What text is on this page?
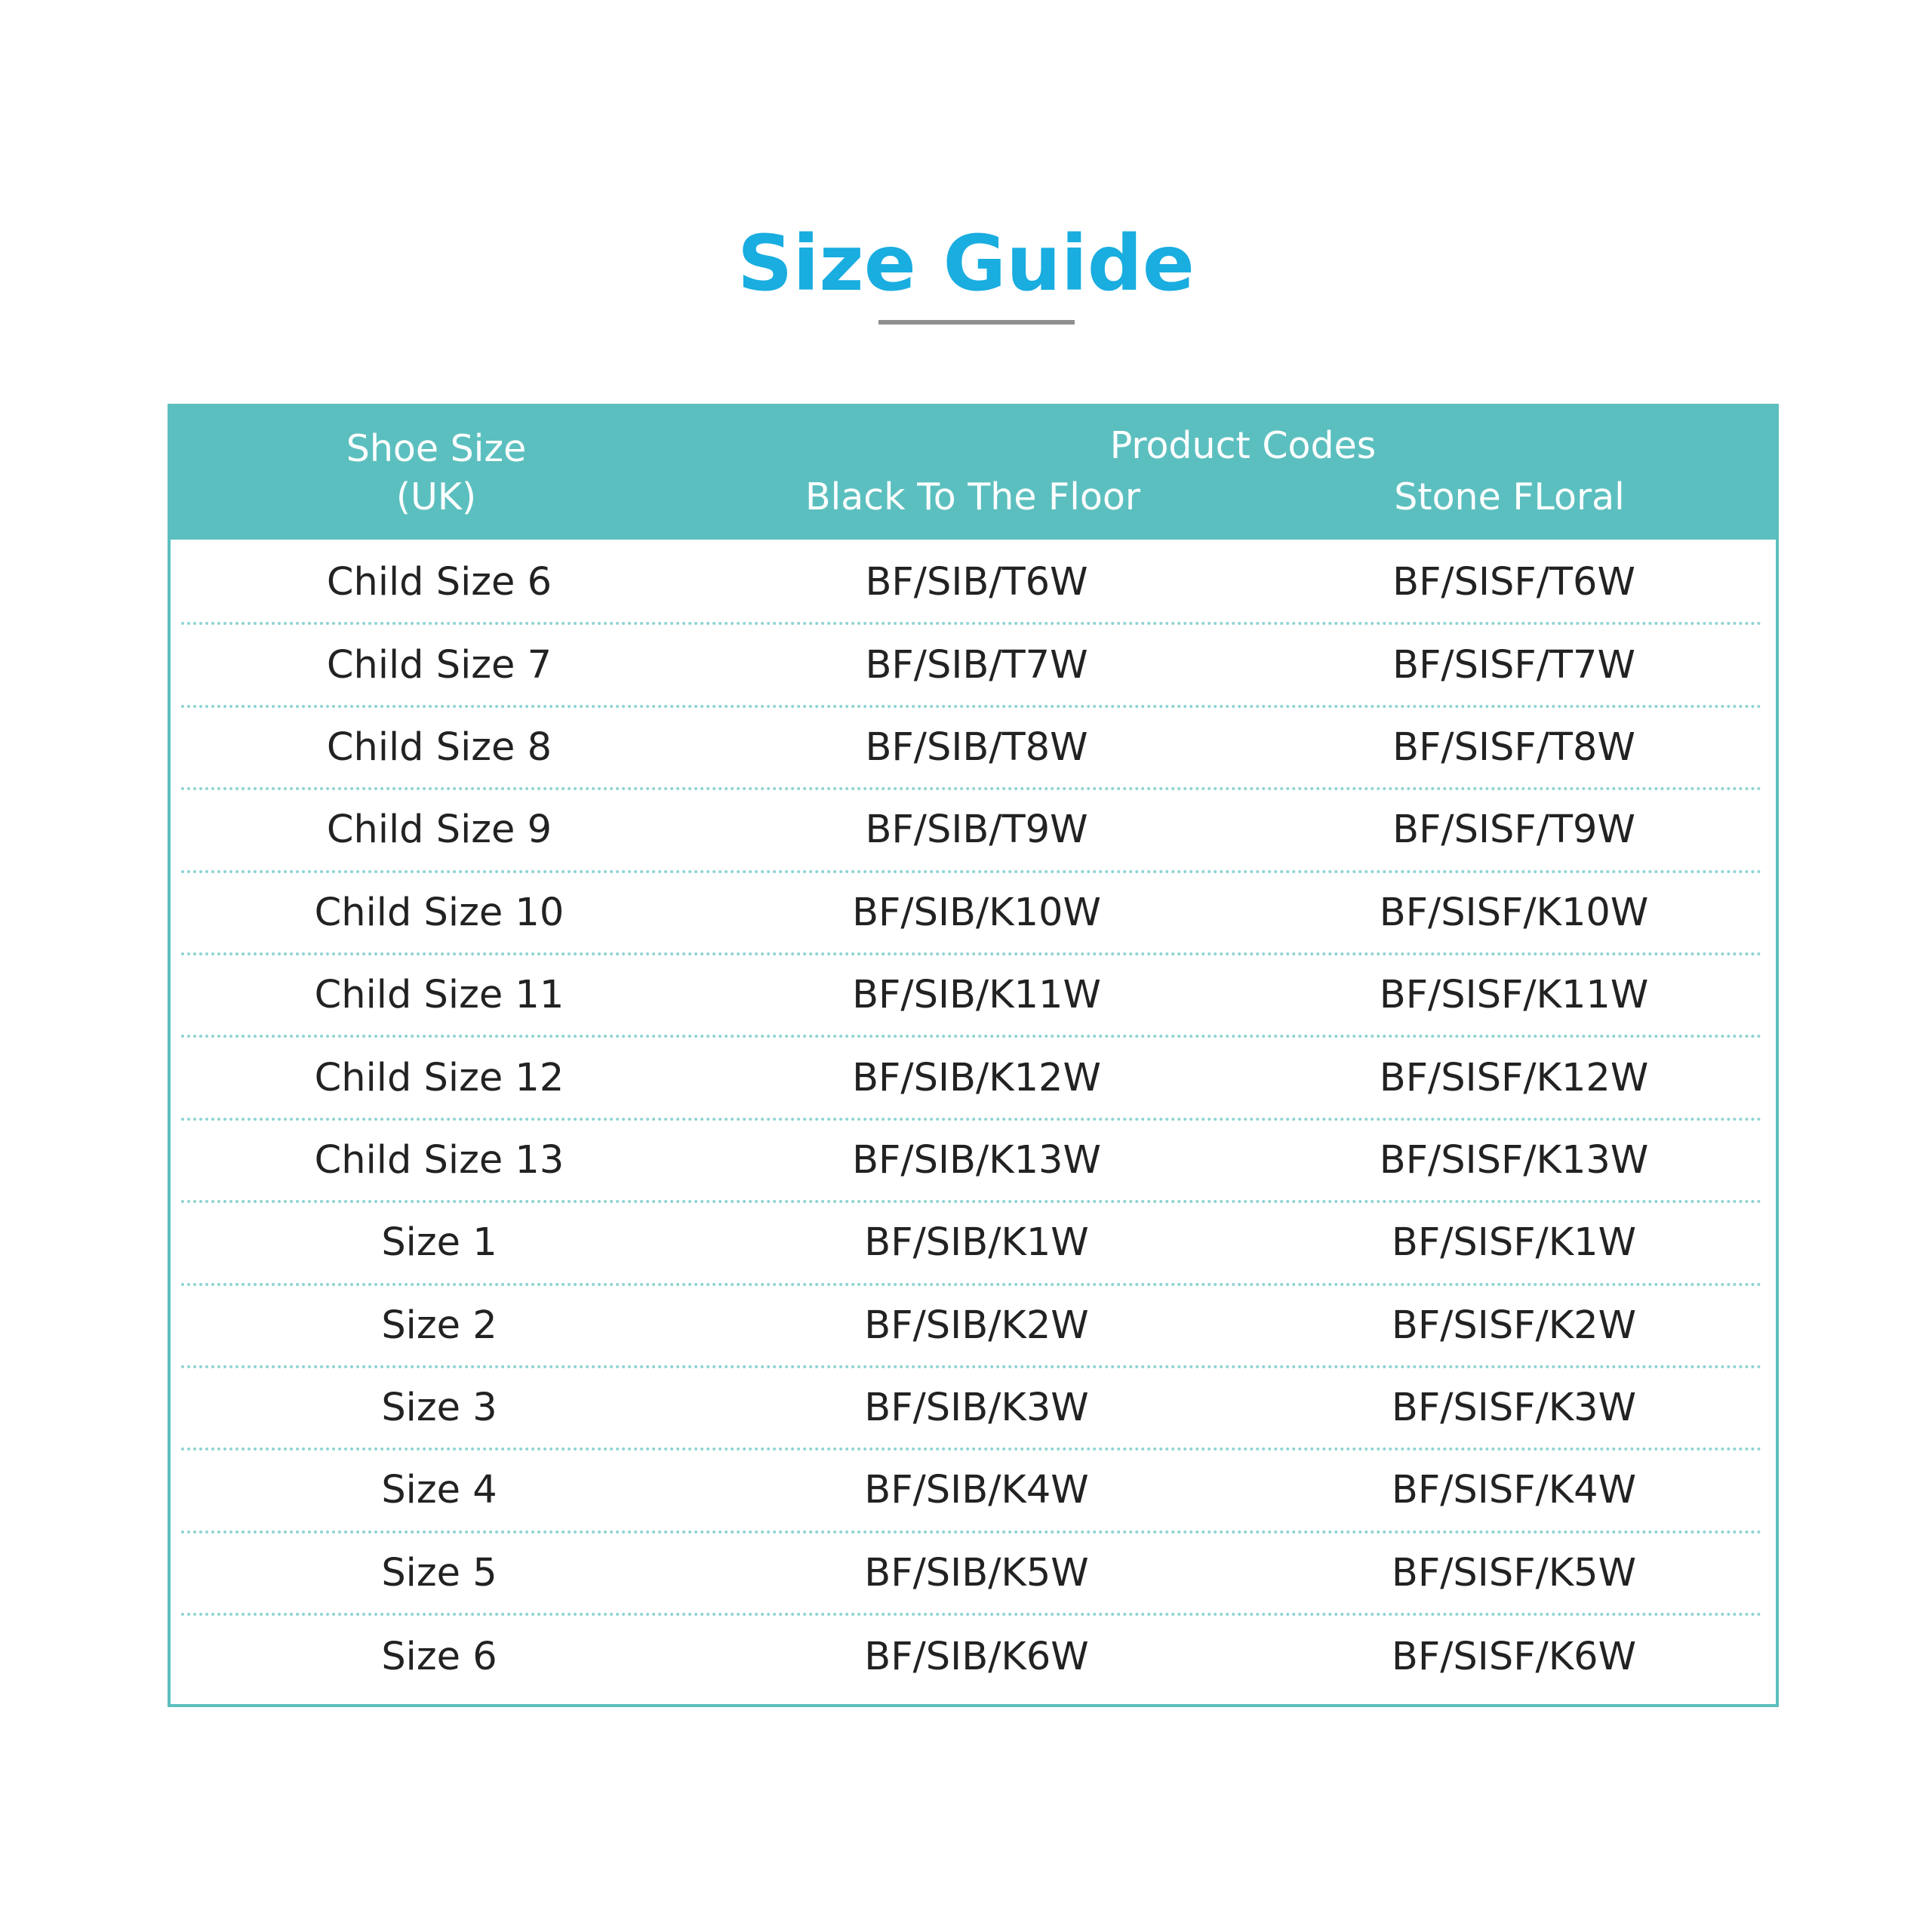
Size Guide
Shoe Size
(UK)
Product Codes
Black To The Floor	Stone FLoral
Child Size 6	BF/SIB/T6W	BF/SISF/T6W
Child Size 7	BF/SIB/T7W	BF/SISF/T7W
Child Size 8	BF/SIB/T8W	BF/SISF/T8W
Child Size 9	BF/SIB/T9W	BF/SISF/T9W
Child Size 10	BF/SIB/K10W	BF/SISF/K10W
Child Size 11	BF/SIB/K11W	BF/SISF/K11W
Child Size 12	BF/SIB/K12W	BF/SISF/K12W
Child Size 13	BF/SIB/K13W	BF/SISF/K13W
Size 1	BF/SIB/K1W	BF/SISF/K1W
Size 2	BF/SIB/K2W	BF/SISF/K2W
Size 3	BF/SIB/K3W	BF/SISF/K3W
Size 4	BF/SIB/K4W	BF/SISF/K4W
Size 5	BF/SIB/K5W	BF/SISF/K5W
Size 6	BF/SIB/K6W	BF/SISF/K6W
